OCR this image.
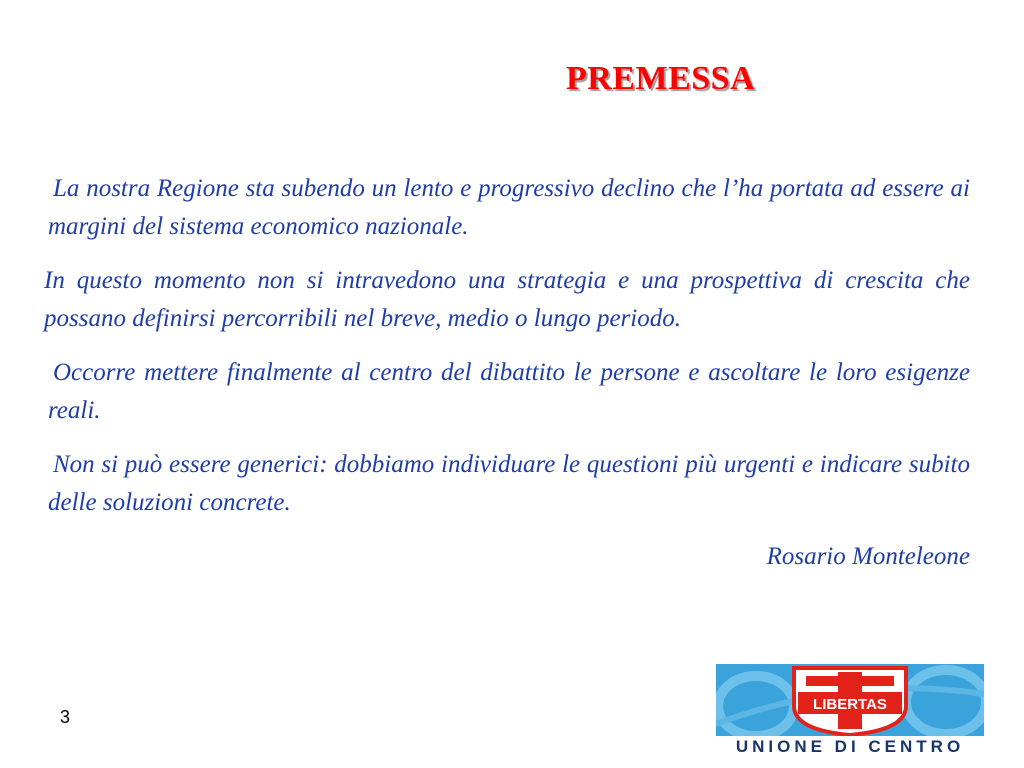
PREMESSA

La nostra Regione sta subendo un lento e progressivo declino che l’ha portata ad essere ai margini del sistema economico nazionale.

In questo momento non si intravedono una strategia e una prospettiva di crescita che possano definirsi percorribili nel breve, medio o lungo periodo.

Occorre mettere finalmente al centro del dibattito le persone e ascoltare le loro esigenze reali.

Non si può essere generici: dobbiamo individuare le questioni più urgenti e indicare subito delle soluzioni concrete.

Rosario Monteleone

3
LIBERTAS
UNIONE DI CENTRO
